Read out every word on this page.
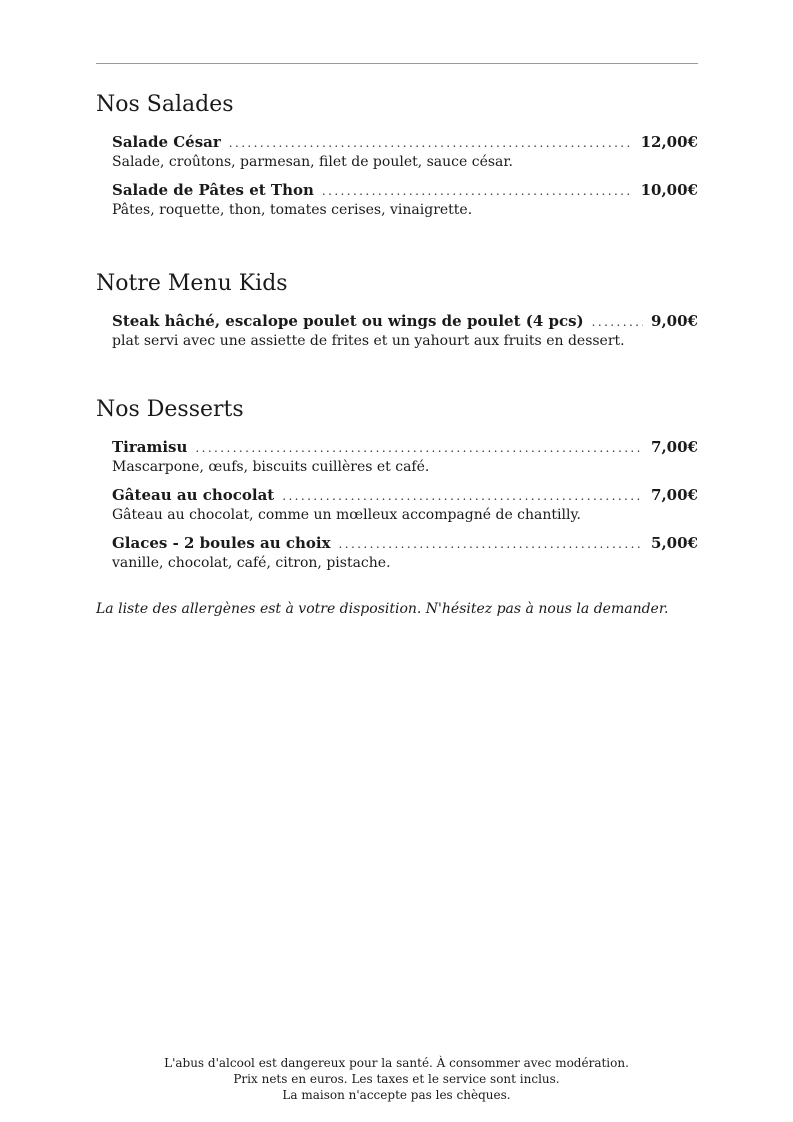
Nos Salades
Salade César .....	12,00€
Salade, croûtons, parmesan, filet de poulet, sauce césar.
Salade de Pâtes et Thon .....	10,00€
Pâtes, roquette, thon, tomates cerises, vinaigrette.
Notre Menu Kids
Steak hâché, escalope poulet ou wings de poulet (4 pcs) .....	9,00€
plat servi avec une assiette de frites et un yahourt aux fruits en dessert.
Nos Desserts
Tiramisu .....	7,00€
Mascarpone, œufs, biscuits cuillères et café.
Gâteau au chocolat .....	7,00€
Gâteau au chocolat, comme un mœlleux accompagné de chantilly.
Glaces - 2 boules au choix .....	5,00€
vanille, chocolat, café, citron, pistache.
La liste des allergènes est à votre disposition. N'hésitez pas à nous la demander.
L'abus d'alcool est dangereux pour la santé. À consommer avec modération.
Prix nets en euros. Les taxes et le service sont inclus.
La maison n'accepte pas les chèques.
